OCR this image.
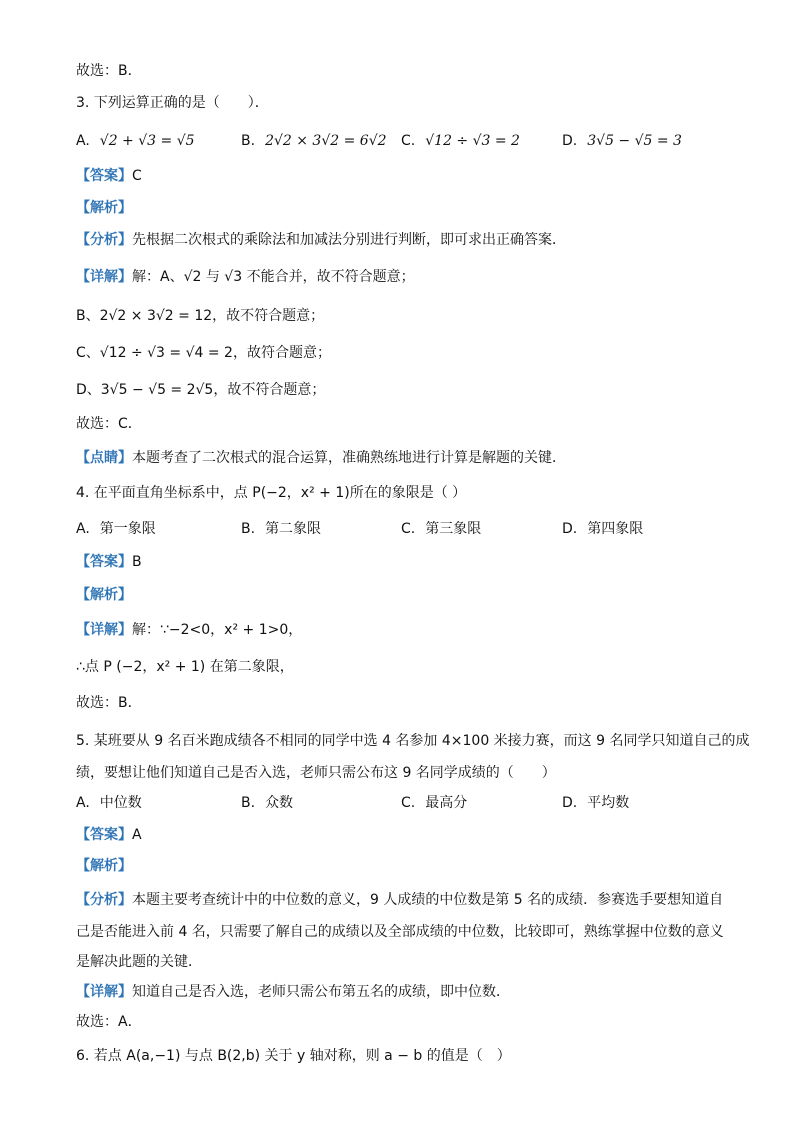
故选：B．
3. 下列运算正确的是（　　）．
A. √2 + √3 = √5	B. 2√2 × 3√2 = 6√2 C. √12 ÷ √3 = 2	D. 3√5 − √5 = 3
【答案】C
【解析】
【分析】先根据二次根式的乘除法和加减法分别进行判断，即可求出正确答案．
【详解】解：A、√2 与 √3 不能合并，故不符合题意；
B、2√2 × 3√2 = 12，故不符合题意；
C、√12 ÷ √3 = √4 = 2，故符合题意；
D、3√5 − √5 = 2√5，故不符合题意；
故选：C．
【点睛】本题考查了二次根式的混合运算，准确熟练地进行计算是解题的关键．
4. 在平面直角坐标系中，点 P(−2，x² + 1)所在的象限是（ ）
A. 第一象限	B. 第二象限	C. 第三象限	D. 第四象限
【答案】B
【解析】
【详解】解：∵−2<0，x² + 1>0，
∴点 P (−2，x² + 1) 在第二象限，
故选：B．
5. 某班要从 9 名百米跑成绩各不相同的同学中选 4 名参加 4×100 米接力赛，而这 9 名同学只知道自己的成
绩，要想让他们知道自己是否入选，老师只需公布这 9 名同学成绩的（　　）
A. 中位数	B. 众数	C. 最高分	D. 平均数
【答案】A
【解析】
【分析】本题主要考查统计中的中位数的意义，9 人成绩的中位数是第 5 名的成绩．参赛选手要想知道自
己是否能进入前 4 名，只需要了解自己的成绩以及全部成绩的中位数，比较即可，熟练掌握中位数的意义
是解决此题的关键．
【详解】知道自己是否入选，老师只需公布第五名的成绩，即中位数．
故选：A．
6. 若点 A(a,−1) 与点 B(2,b) 关于 y 轴对称，则 a − b 的值是（　）
